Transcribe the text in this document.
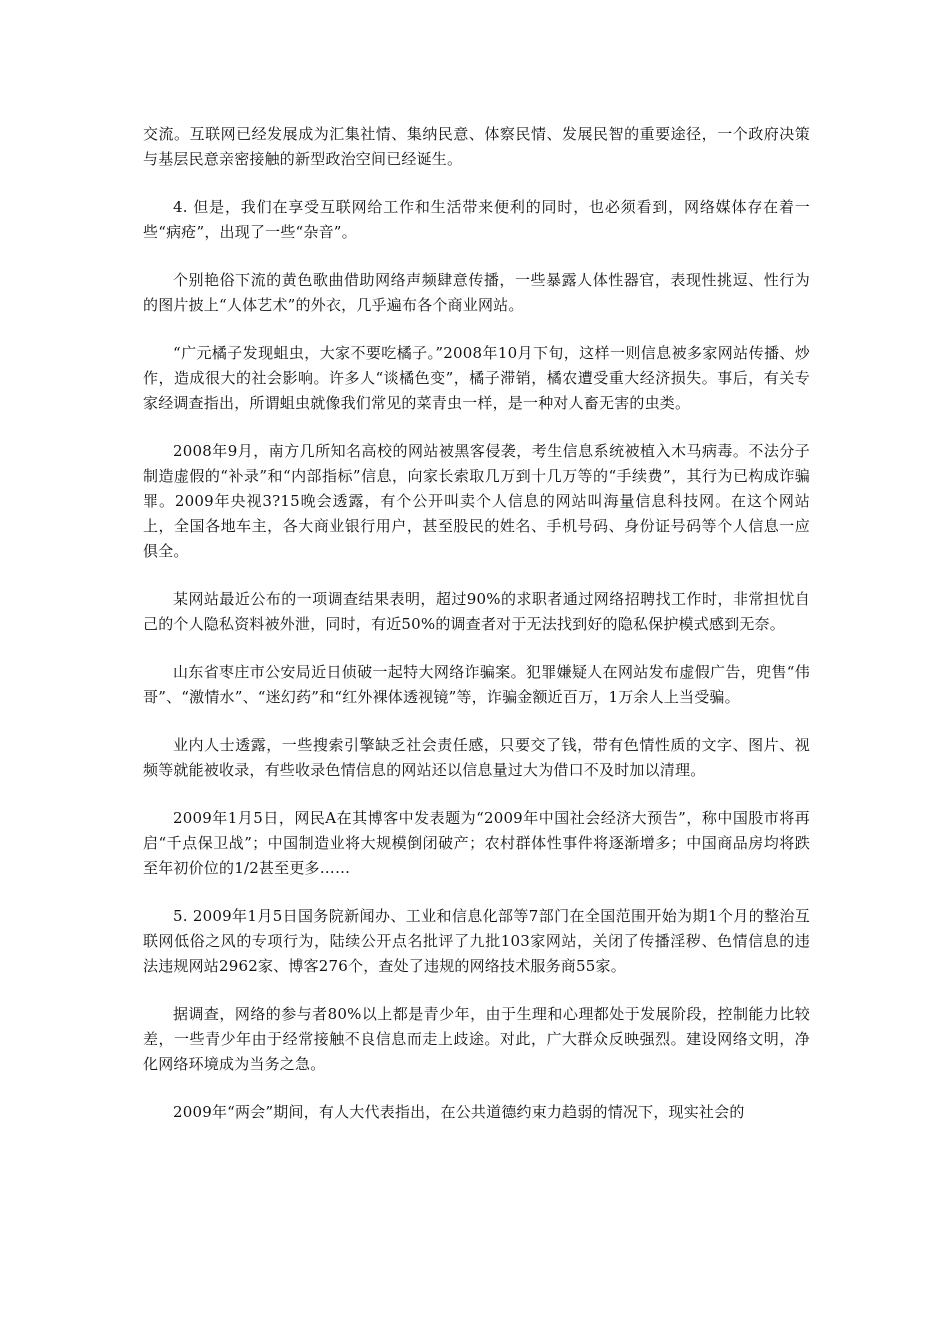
交流。互联网已经发展成为汇集社情、集纳民意、体察民情、发展民智的重要途径，一个政府决策与基层民意亲密接触的新型政治空间已经诞生。

4. 但是，我们在享受互联网给工作和生活带来便利的同时，也必须看到，网络媒体存在着一些“病疮”，出现了一些“杂音”。

个别艳俗下流的黄色歌曲借助网络声频肆意传播，一些暴露人体性器官，表现性挑逗、性行为的图片披上“人体艺术”的外衣，几乎遍布各个商业网站。

“广元橘子发现蛆虫，大家不要吃橘子。”2008年10月下旬，这样一则信息被多家网站传播、炒作，造成很大的社会影响。许多人“谈橘色变”，橘子滞销，橘农遭受重大经济损失。事后，有关专家经调查指出，所谓蛆虫就像我们常见的菜青虫一样，是一种对人畜无害的虫类。

2008年9月，南方几所知名高校的网站被黑客侵袭，考生信息系统被植入木马病毒。不法分子制造虚假的“补录”和“内部指标”信息，向家长索取几万到十几万等的“手续费”，其行为已构成诈骗罪。2009年央视3?15晚会透露，有个公开叫卖个人信息的网站叫海量信息科技网。在这个网站上，全国各地车主，各大商业银行用户，甚至股民的姓名、手机号码、身份证号码等个人信息一应俱全。

某网站最近公布的一项调查结果表明，超过90%的求职者通过网络招聘找工作时，非常担忧自己的个人隐私资料被外泄，同时，有近50%的调查者对于无法找到好的隐私保护模式感到无奈。

山东省枣庄市公安局近日侦破一起特大网络诈骗案。犯罪嫌疑人在网站发布虚假广告，兜售“伟哥”、“激情水”、“迷幻药”和“红外裸体透视镜”等，诈骗金额近百万，1万余人上当受骗。

业内人士透露，一些搜索引擎缺乏社会责任感，只要交了钱，带有色情性质的文字、图片、视频等就能被收录，有些收录色情信息的网站还以信息量过大为借口不及时加以清理。

2009年1月5日，网民A在其博客中发表题为“2009年中国社会经济大预告”，称中国股市将再启“千点保卫战”；中国制造业将大规模倒闭破产；农村群体性事件将逐渐增多；中国商品房均将跌至年初价位的1/2甚至更多……

5. 2009年1月5日国务院新闻办、工业和信息化部等7部门在全国范围开始为期1个月的整治互联网低俗之风的专项行为，陆续公开点名批评了九批103家网站，关闭了传播淫秽、色情信息的违法违规网站2962家、博客276个，查处了违规的网络技术服务商55家。

据调查，网络的参与者80%以上都是青少年，由于生理和心理都处于发展阶段，控制能力比较差，一些青少年由于经常接触不良信息而走上歧途。对此，广大群众反映强烈。建设网络文明，净化网络环境成为当务之急。

2009年“两会”期间，有人大代表指出，在公共道德约束力趋弱的情况下，现实社会的
